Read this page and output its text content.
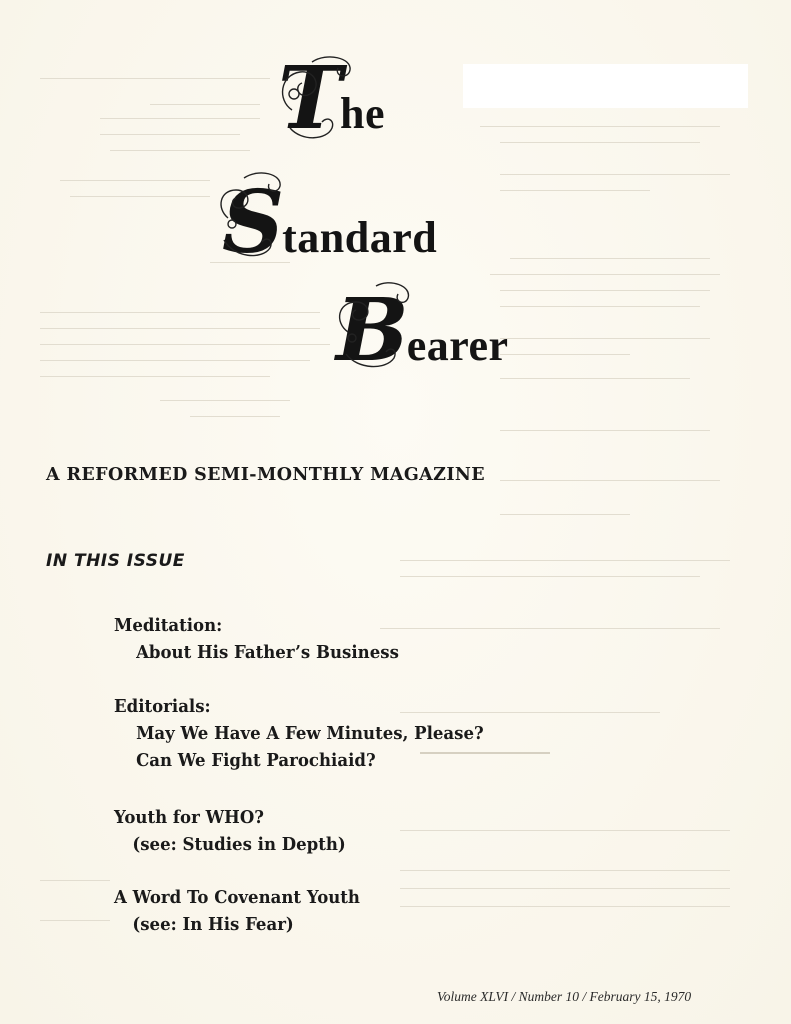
The
Standard
Bearer
A REFORMED SEMI-MONTHLY MAGAZINE
IN THIS ISSUE
Meditation:
About His Father’s Business
Editorials:
May We Have A Few Minutes, Please?
Can We Fight Parochiaid?
Youth for WHO?
(see: Studies in Depth)
A Word To Covenant Youth
(see: In His Fear)
Volume XLVI / Number 10 / February 15, 1970
